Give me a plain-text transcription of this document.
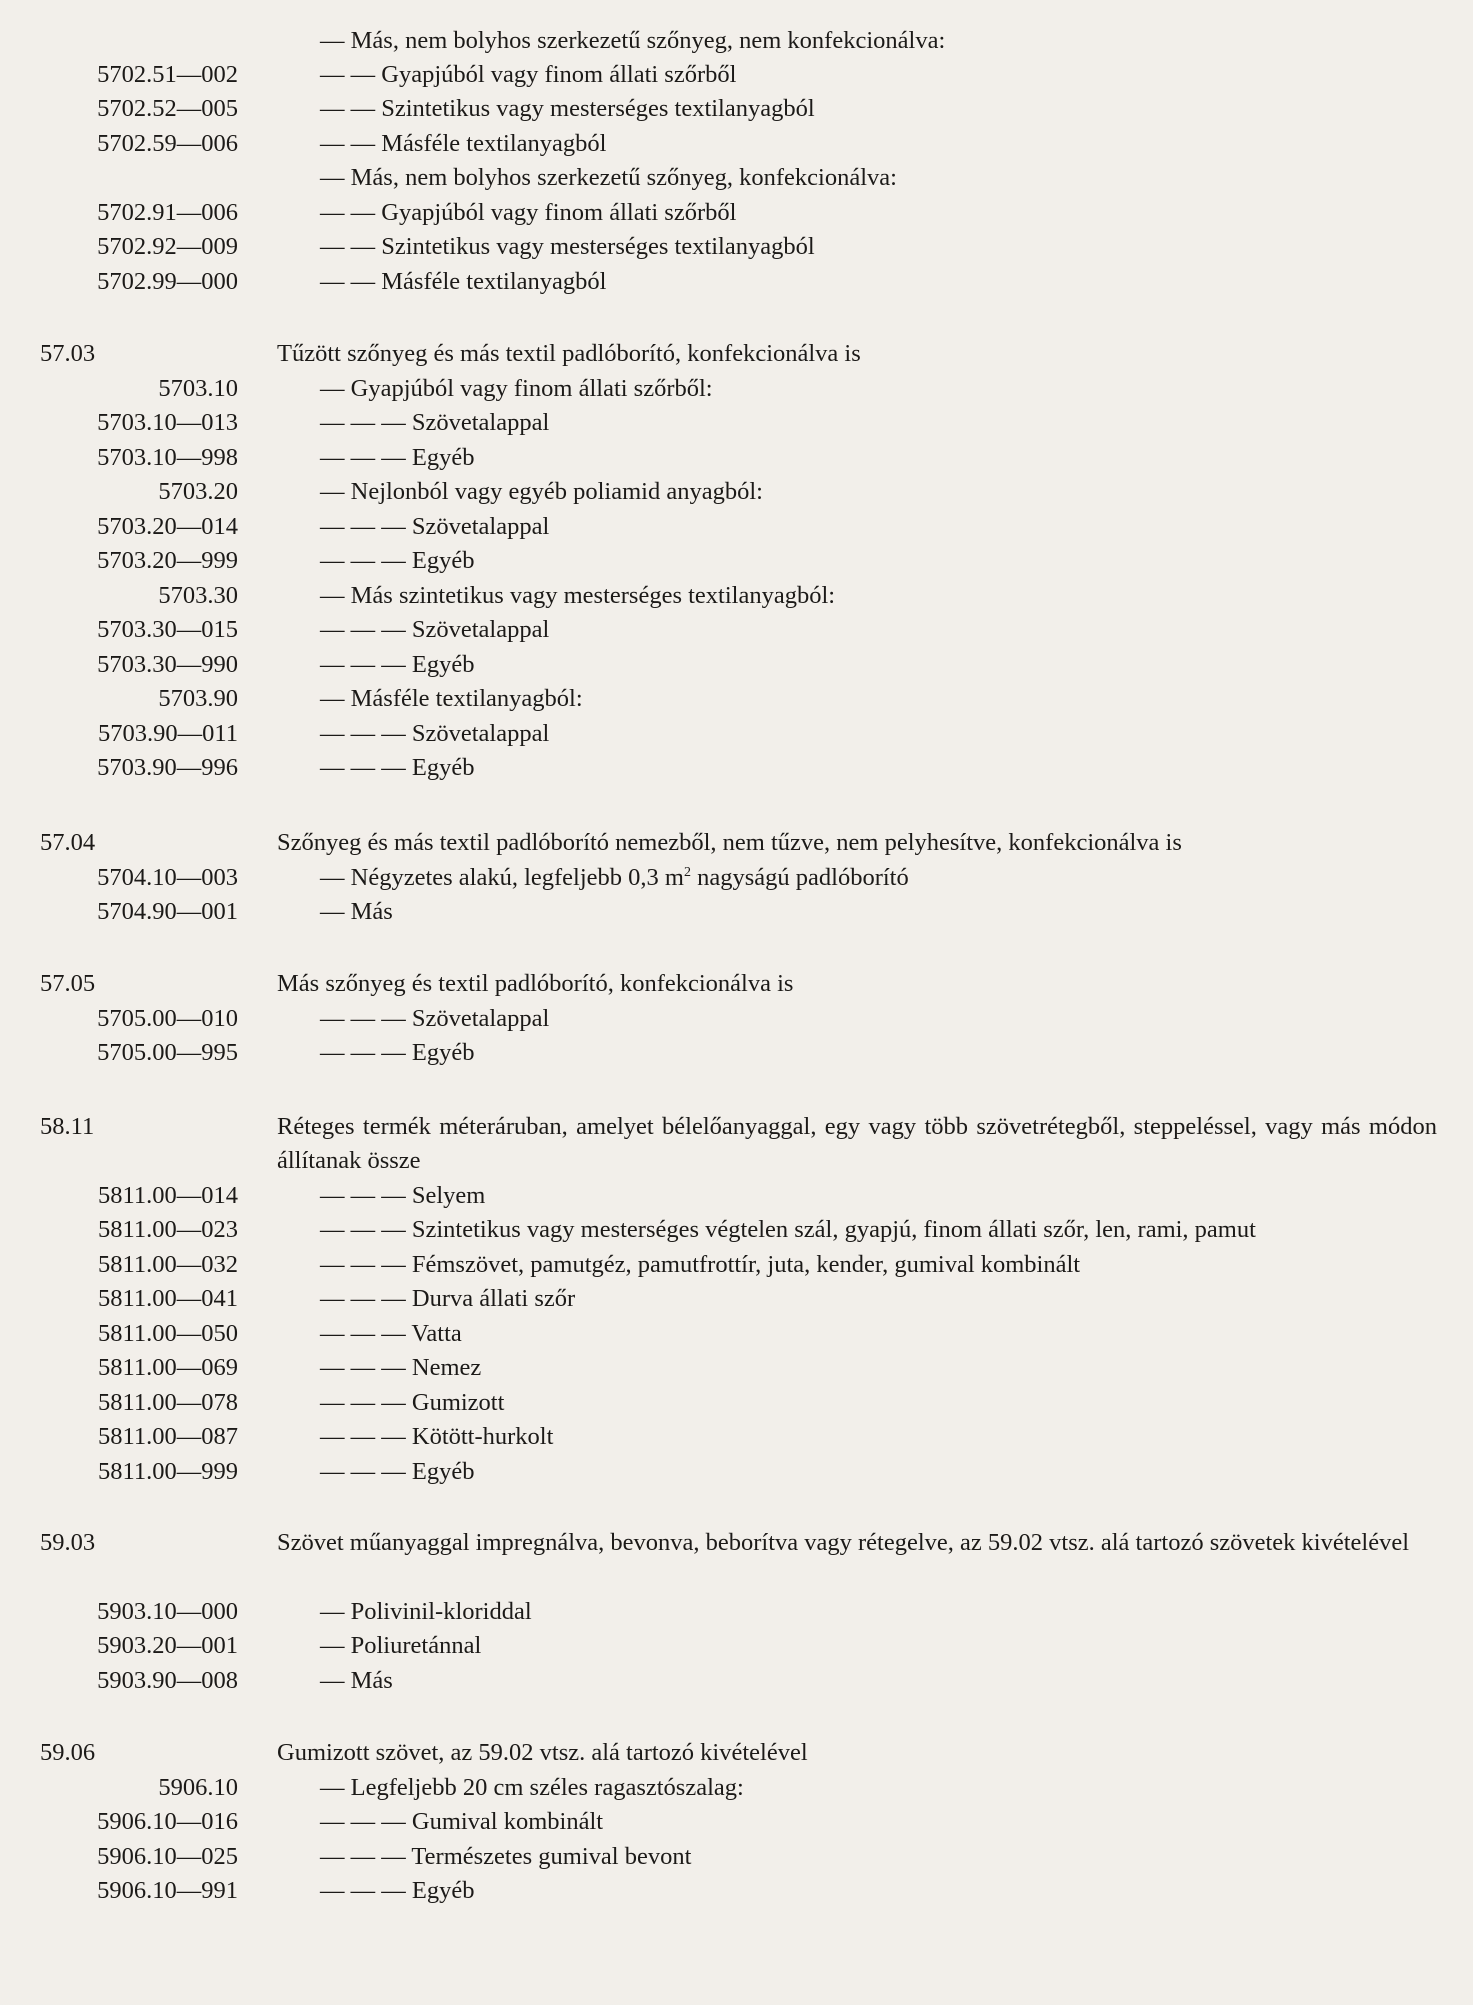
— Más, nem bolyhos szerkezetű szőnyeg, nem konfekcionálva:
5702.51—002	— — Gyapjúból vagy finom állati szőrből
5702.52—005	— — Szintetikus vagy mesterséges textilanyagból
5702.59—006	— — Másféle textilanyagból
— Más, nem bolyhos szerkezetű szőnyeg, konfekcionálva:
5702.91—006	— — Gyapjúból vagy finom állati szőrből
5702.92—009	— — Szintetikus vagy mesterséges textilanyagból
5702.99—000	— — Másféle textilanyagból
57.03	Tűzött szőnyeg és más textil padlóborító, konfekcionálva is
5703.10	— Gyapjúból vagy finom állati szőrből:
5703.10—013	— — — Szövetalappal
5703.10—998	— — — Egyéb
5703.20	— Nejlonból vagy egyéb poliamid anyagból:
5703.20—014	— — — Szövetalappal
5703.20—999	— — — Egyéb
5703.30	— Más szintetikus vagy mesterséges textilanyagból:
5703.30—015	— — — Szövetalappal
5703.30—990	— — — Egyéb
5703.90	— Másféle textilanyagból:
5703.90—011	— — — Szövetalappal
5703.90—996	— — — Egyéb
57.04	Szőnyeg és más textil padlóborító nemezből, nem tűzve, nem pelyhesítve, konfekcionálva is
5704.10—003	— Négyzetes alakú, legfeljebb 0,3 $m^2$ nagyságú padlóborító
5704.90—001	— Más
57.05	Más szőnyeg és textil padlóborító, konfekcionálva is
5705.00—010	— — — Szövetalappal
5705.00—995	— — — Egyéb
58.11	Réteges termék méteráruban, amelyet bélelőanyaggal, egy vagy több szövetrétegből, steppeléssel, vagy más módon állítanak össze
5811.00—014	— — — Selyem
5811.00—023	— — — Szintetikus vagy mesterséges végtelen szál, gyapjú, finom állati szőr, len, rami, pamut
5811.00—032	— — — Fémszövet, pamutgéz, pamutfrottír, juta, kender, gumival kombinált
5811.00—041	— — — Durva állati szőr
5811.00—050	— — — Vatta
5811.00—069	— — — Nemez
5811.00—078	— — — Gumizott
5811.00—087	— — — Kötött-hurkolt
5811.00—999	— — — Egyéb
59.03	Szövet műanyaggal impregnálva, bevonva, beborítva vagy rétegelve, az 59.02 vtsz. alá tartozó szövetek kivételével
5903.10—000	— Polivinil-kloriddal
5903.20—001	— Poliuretánnal
5903.90—008	— Más
59.06	Gumizott szövet, az 59.02 vtsz. alá tartozó kivételével
5906.10	— Legfeljebb 20 cm széles ragasztószalag:
5906.10—016	— — — Gumival kombinált
5906.10—025	— — — Természetes gumival bevont
5906.10—991	— — — Egyéb
